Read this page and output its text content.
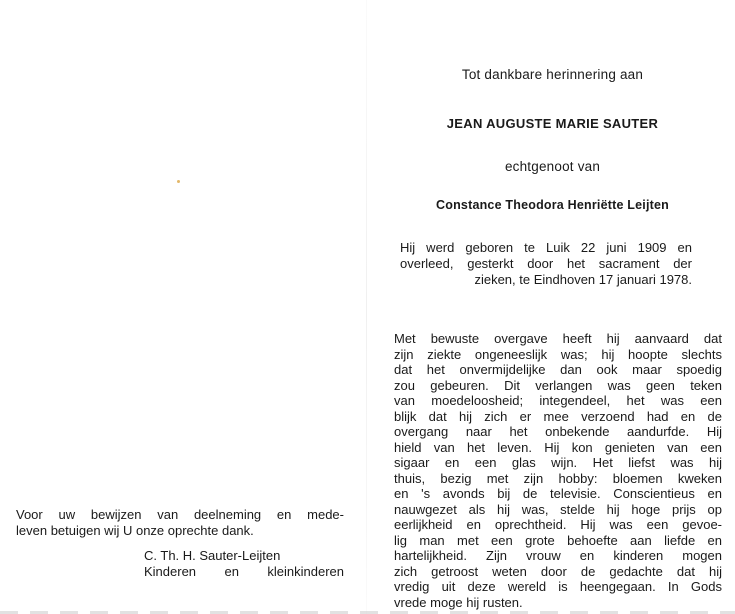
Tot dankbare herinnering aan
JEAN AUGUSTE MARIE SAUTER
echtgenoot van
Constance Theodora Henriëtte Leijten
Hij werd geboren te Luik 22 juni 1909 en
overleed, gesterkt door het sacrament der
zieken, te Eindhoven 17 januari 1978.
Met bewuste overgave heeft hij aanvaard dat
zijn ziekte ongeneeslijk was; hij hoopte slechts
dat het onvermijdelijke dan ook maar spoedig
zou gebeuren. Dit verlangen was geen teken
van moedeloosheid; integendeel, het was een
blijk dat hij zich er mee verzoend had en de
overgang naar het onbekende aandurfde. Hij
hield van het leven. Hij kon genieten van een
sigaar en een glas wijn. Het liefst was hij
thuis, bezig met zijn hobby: bloemen kweken
en 's avonds bij de televisie. Conscientieus en
nauwgezet als hij was, stelde hij hoge prijs op
eerlijkheid en oprechtheid. Hij was een gevoe-
lig man met een grote behoefte aan liefde en
hartelijkheid. Zijn vrouw en kinderen mogen
zich getroost weten door de gedachte dat hij
vredig uit deze wereld is heengegaan. In Gods
vrede moge hij rusten.
Voor uw bewijzen van deelneming en mede-
leven betuigen wij U onze oprechte dank.
C. Th. H. Sauter-Leijten
Kinderen en kleinkinderen
